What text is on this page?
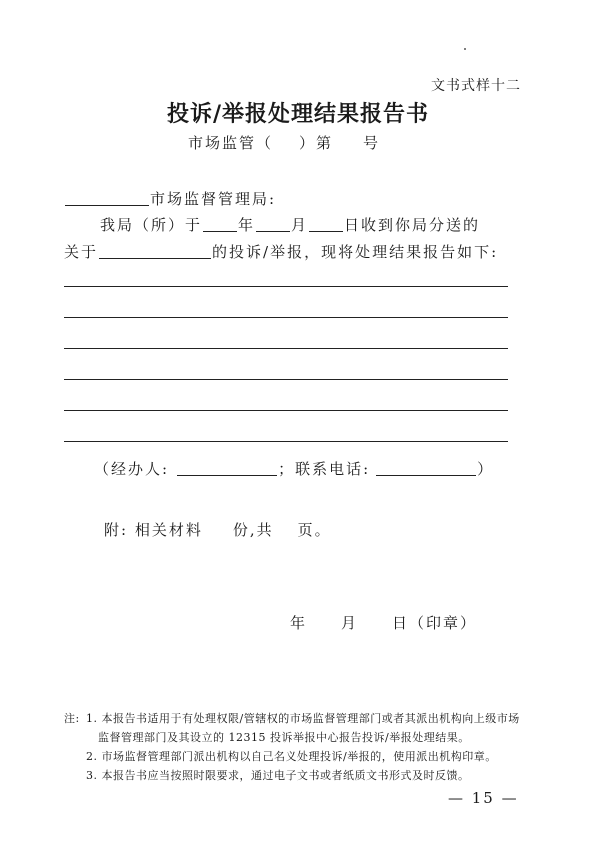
文书式样十二
投诉/举报处理结果报告书
市场监管（ ）第 号
市场监督管理局:
我局（所）于 年 月 日收到你局分送的
关于	的投诉/举报，现将处理结果报告如下:
（经办人:	；联系电话:	）
附: 相关材料 份,共 页。
年 月 日（印章）
注: 1. 本报告书适用于有处理权限/管辖权的市场监督管理部门或者其派出机构向上级市场
监督管理部门及其设立的 12315 投诉举报中心报告投诉/举报处理结果。
2. 市场监督管理部门派出机构以自己名义处理投诉/举报的，使用派出机构印章。
3. 本报告书应当按照时限要求，通过电子文书或者纸质文书形式及时反馈。
— 15 —
